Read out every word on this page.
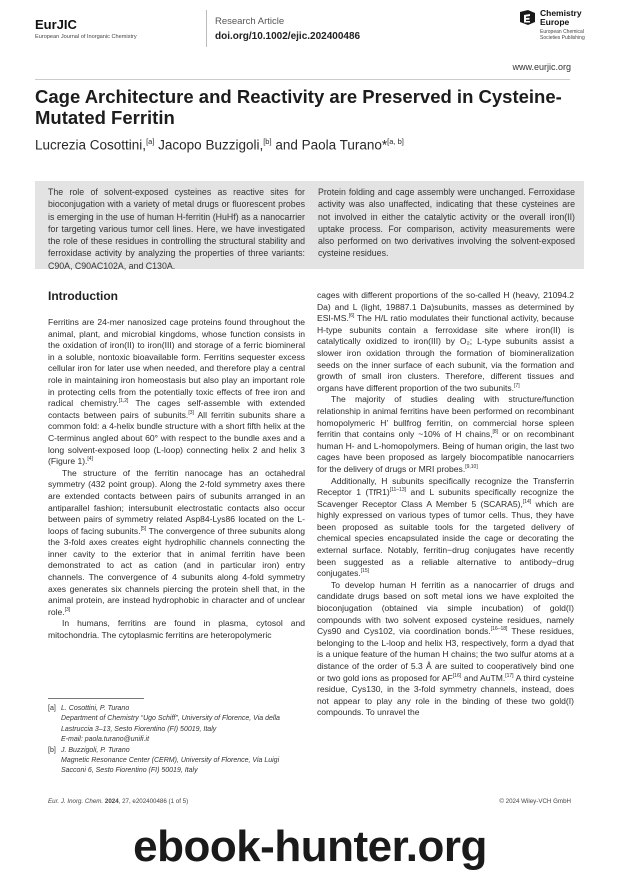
EurJIC
European Journal of Inorganic Chemistry
Research Article
doi.org/10.1002/ejic.202400486
Chemistry
Europe
European Chemical
Societies Publishing
www.eurjic.org
Cage Architecture and Reactivity are Preserved in Cysteine-Mutated Ferritin
Lucrezia Cosottini,[a] Jacopo Buzzigoli,[b] and Paola Turano*[a, b]
The role of solvent-exposed cysteines as reactive sites for bioconjugation with a variety of metal drugs or fluorescent probes is emerging in the use of human H-ferritin (HuHf) as a nanocarrier for targeting various tumor cell lines. Here, we have investigated the role of these residues in controlling the structural stability and ferroxidase activity by analyzing the properties of three variants: C90A, C90AC102A, and C130A.
Protein folding and cage assembly were unchanged. Ferroxidase activity was also unaffected, indicating that these cysteines are not involved in either the catalytic activity or the overall iron(II) uptake process. For comparison, activity measurements were also performed on two derivatives involving the solvent-exposed cysteine residues.
Introduction

Ferritins are 24-mer nanosized cage proteins found throughout the animal, plant, and microbial kingdoms, whose function consists in the oxidation of iron(II) to iron(III) and storage of a ferric biomineral in a soluble, nontoxic bioavailable form. Ferritins sequester excess cellular iron for later use when needed, and therefore play a central role in maintaining iron homeostasis but also play an important role in protecting cells from the potentially toxic effects of free iron and radical chemistry.[1,2] The cages self-assemble with extended contacts between pairs of subunits.[3] All ferritin subunits share a common fold: a 4-helix bundle structure with a short fifth helix at the C-terminus angled about 60° with respect to the bundle axes and a long solvent-exposed loop (L-loop) connecting helix 2 and helix 3 (Figure 1).[4]

The structure of the ferritin nanocage has an octahedral symmetry (432 point group). Along the 2-fold symmetry axes there are extended contacts between pairs of subunits arranged in an antiparallel fashion; intersubunit electrostatic contacts also occur between pairs of symmetry related Asp84-Lys86 located on the L-loops of facing subunits.[5] The convergence of three subunits along the 3-fold axes creates eight hydrophilic channels connecting the inner cavity to the exterior that in animal ferritin have been demonstrated to act as cation (and in particular iron) entry channels. The convergence of 4 subunits along 4-fold symmetry axes generates six channels piercing the protein shell that, in the animal protein, are instead hydrophobic in character and of unclear role.[3]

In humans, ferritins are found in plasma, cytosol and mitochondria. The cytoplasmic ferritins are heteropolymeric

cages with different proportions of the so-called H (heavy, 21094.2 Da) and L (light, 19887.1 Da)subunits, masses as determined by ESI-MS.[6] The H/L ratio modulates their functional activity, because H-type subunits contain a ferroxidase site where iron(II) is catalytically oxidized to iron(III) by O₂; L-type subunits assist a slower iron oxidation through the formation of biomineralization seeds on the inner surface of each subunit, via the formation and growth of small iron clusters. Therefore, different tissues and organs have different proportion of the two subunits.[7]

The majority of studies dealing with structure/function relationship in animal ferritins have been performed on recombinant homopolymeric H’ bullfrog ferritin, on commercial horse spleen ferritin that contains only ~10% of H chains,[8] or on recombinant human H- and L-homopolymers. Being of human origin, the last two cages have been proposed as largely biocompatible nanocarriers for the delivery of drugs or MRI probes.[9,10]

Additionally, H subunits specifically recognize the Transferrin Receptor 1 (TfR1)[11–13] and L subunits specifically recognize the Scavenger Receptor Class A Member 5 (SCARA5),[14] which are highly expressed on various types of tumor cells. Thus, they have been proposed as suitable tools for the targeted delivery of chemical species encapsulated inside the cage or decorating the external surface. Notably, ferritin−drug conjugates have recently been suggested as a reliable alternative to antibody−drug conjugates.[15]

To develop human H ferritin as a nanocarrier of drugs and candidate drugs based on soft metal ions we have exploited the bioconjugation (obtained via simple incubation) of gold(I) compounds with two solvent exposed cysteine residues, namely Cys90 and Cys102, via coordination bonds.[16–18] These residues, belonging to the L-loop and helix H3, respectively, form a dyad that is a unique feature of the human H chains; the two sulfur atoms at a distance of the order of 5.3 Å are suited to cooperatively bind one or two gold ions as proposed for AF[16] and AuTM.[17] A third cysteine residue, Cys130, in the 3-fold symmetry channels, instead, does not appear to play any role in the binding of these two gold(I) compounds. To unravel the

[a] L. Cosottini, P. Turano
Department of Chemistry “Ugo Schiff”, University of Florence, Via della
Lastruccia 3–13, Sesto Fiorentino (FI) 50019, Italy
E-mail: paola.turano@unifi.it
[b] J. Buzzigoli, P. Turano
Magnetic Resonance Center (CERM), University of Florence, Via Luigi
Sacconi 6, Sesto Fiorentino (FI) 50019, Italy
Eur. J. Inorg. Chem. 2024, 27, e202400486 (1 of 5)	© 2024 Wiley-VCH GmbH
ebook-hunter.org
